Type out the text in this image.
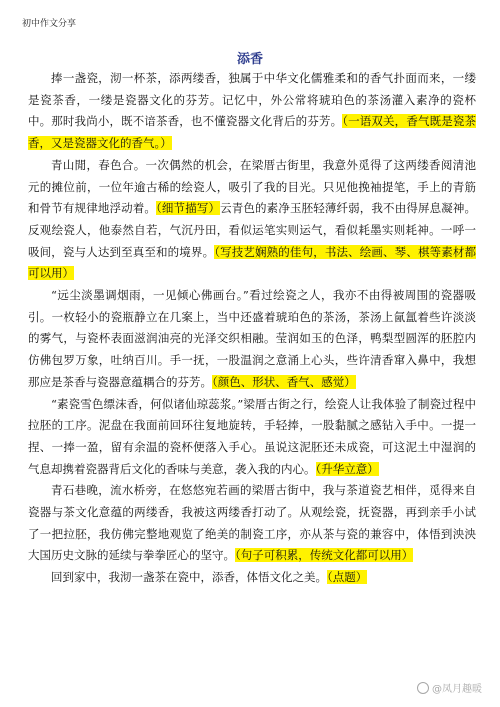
初中作文分享
添香

捧一盏瓷，沏一杯茶，添两缕香，独属于中华文化儒雅柔和的香气扑面而来，一缕是瓷茶香，一缕是瓷器文化的芬芳。记忆中，外公常将琥珀色的茶汤灌入素净的瓷杯中。那时我尚小，既不谙茶香，也不懂瓷器文化背后的芬芳。（一语双关，香气既是瓷茶香，又是瓷器文化的香气。）

青山閒，春色合。一次偶然的机会，在梁厝古街里，我意外觅得了这两缕香阅清池元的摊位前，一位年逾古稀的绘瓷人，吸引了我的目光。只见他挽袖提笔，手上的青筋和骨节有规律地浮动着。（细节描写）云青色的素净玉胚轻薄纤弱，我不由得屏息凝神。反观绘瓷人，他泰然自若，气沉丹田，看似运笔实则运气，看似耗墨实则耗神。一呼一吸间，瓷与人达到至真至和的境界。（写技艺娴熟的佳句，书法、绘画、琴、棋等素材都可以用）

“远尘淡墨调烟雨，一见倾心佛画台。”看过绘瓷之人，我亦不由得被周围的瓷器吸引。一枚轻小的瓷瓶静立在几案上，当中还盛着琥珀色的茶汤，茶汤上氤氲着些许淡淡的雾气，与瓷杯表面滋润油亮的光泽交织相融。莹润如玉的色泽，鸭梨型圆浑的胚腔内仿佛包罗万象，吐纳百川。手一抚，一股温润之意涌上心头，些许清香窜入鼻中，我想那应是茶香与瓷器意蕴耦合的芬芳。（颜色、形状、香气、感觉）

“素瓷雪色缥沫香，何似诸仙琼蕊浆。”梁厝古街之行，绘瓷人让我体验了制瓷过程中拉胚的工序。泥盘在我面前回环往复地旋转，手轻捧，一股黏腻之感钻入手中。一提一捏、一捧一盈，留有余温的瓷杯便落入手心。虽说这泥胚还未成瓷，可这泥土中湿润的气息却携着瓷器背后文化的香味与美意，袭入我的内心。（升华立意）

青石巷晚，流水桥旁，在悠悠宛若画的梁厝古街中，我与茶道瓷艺相伴，觅得来自瓷器与茶文化意蕴的两缕香，我被这两缕香打动了。从观绘瓷，抚瓷器，再到亲手小试了一把拉胚，我仿佛完整地观览了绝美的制瓷工序，亦从茶与瓷的兼容中，体悟到泱泱大国历史文脉的延续与拳拳匠心的坚守。（句子可积累，传统文化都可以用）

回到家中，我沏一盏茶在瓷中，添香，体悟文化之美。（点题）

@凤月趣暖
